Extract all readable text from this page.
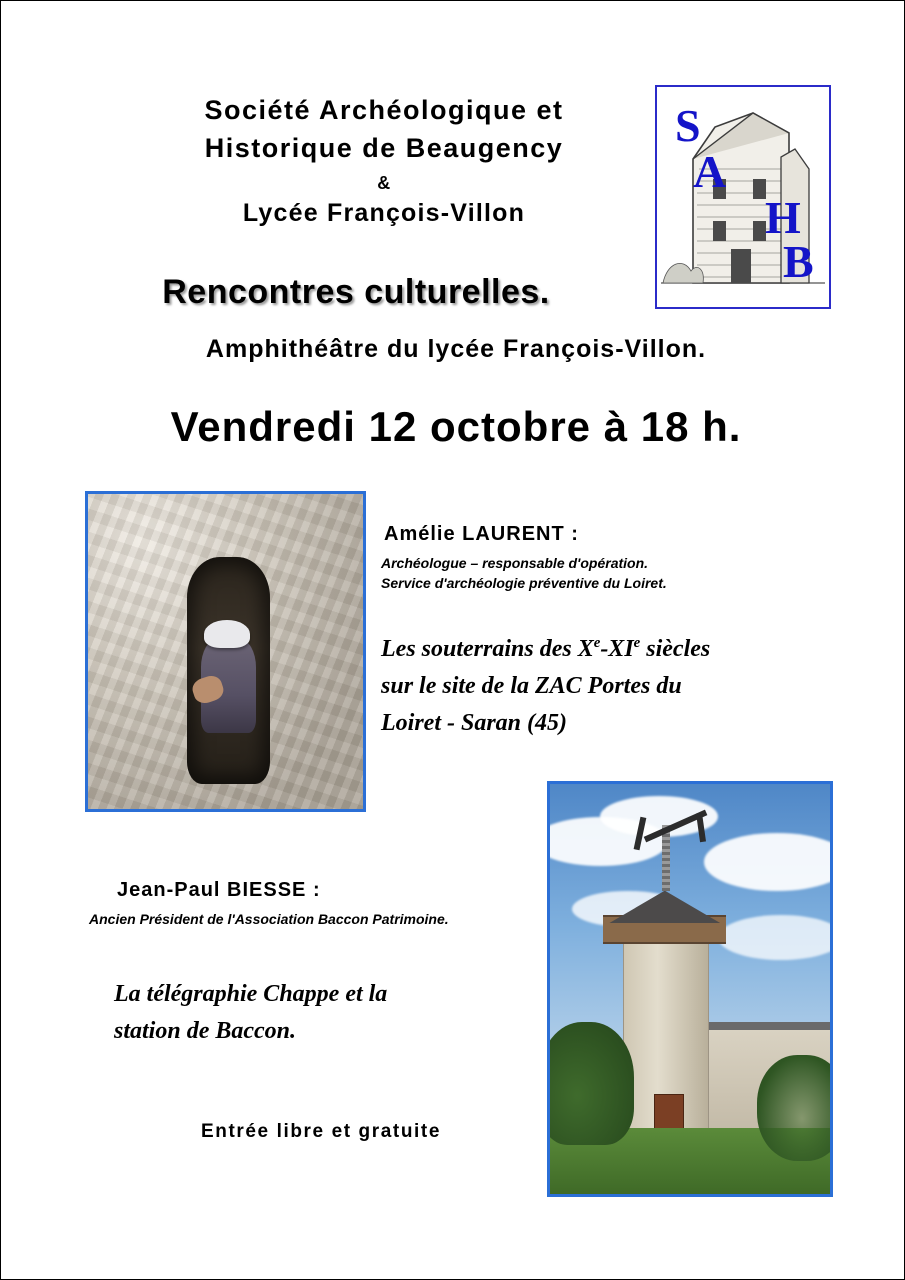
Société Archéologique et
Historique de Beaugency
&
Lycée François-Villon
S
A
H
B
Rencontres culturelles.
Amphithéâtre du lycée François-Villon.
Vendredi 12 octobre à 18 h.
Amélie LAURENT :
Archéologue – responsable d'opération.
Service d'archéologie préventive du Loiret.
Les souterrains des Xe-XIe siècles
sur le site de la ZAC Portes du
Loiret - Saran (45)
Jean-Paul BIESSE :
Ancien Président de l'Association Baccon Patrimoine.
La télégraphie Chappe et la
station de Baccon.
Entrée libre et gratuite
